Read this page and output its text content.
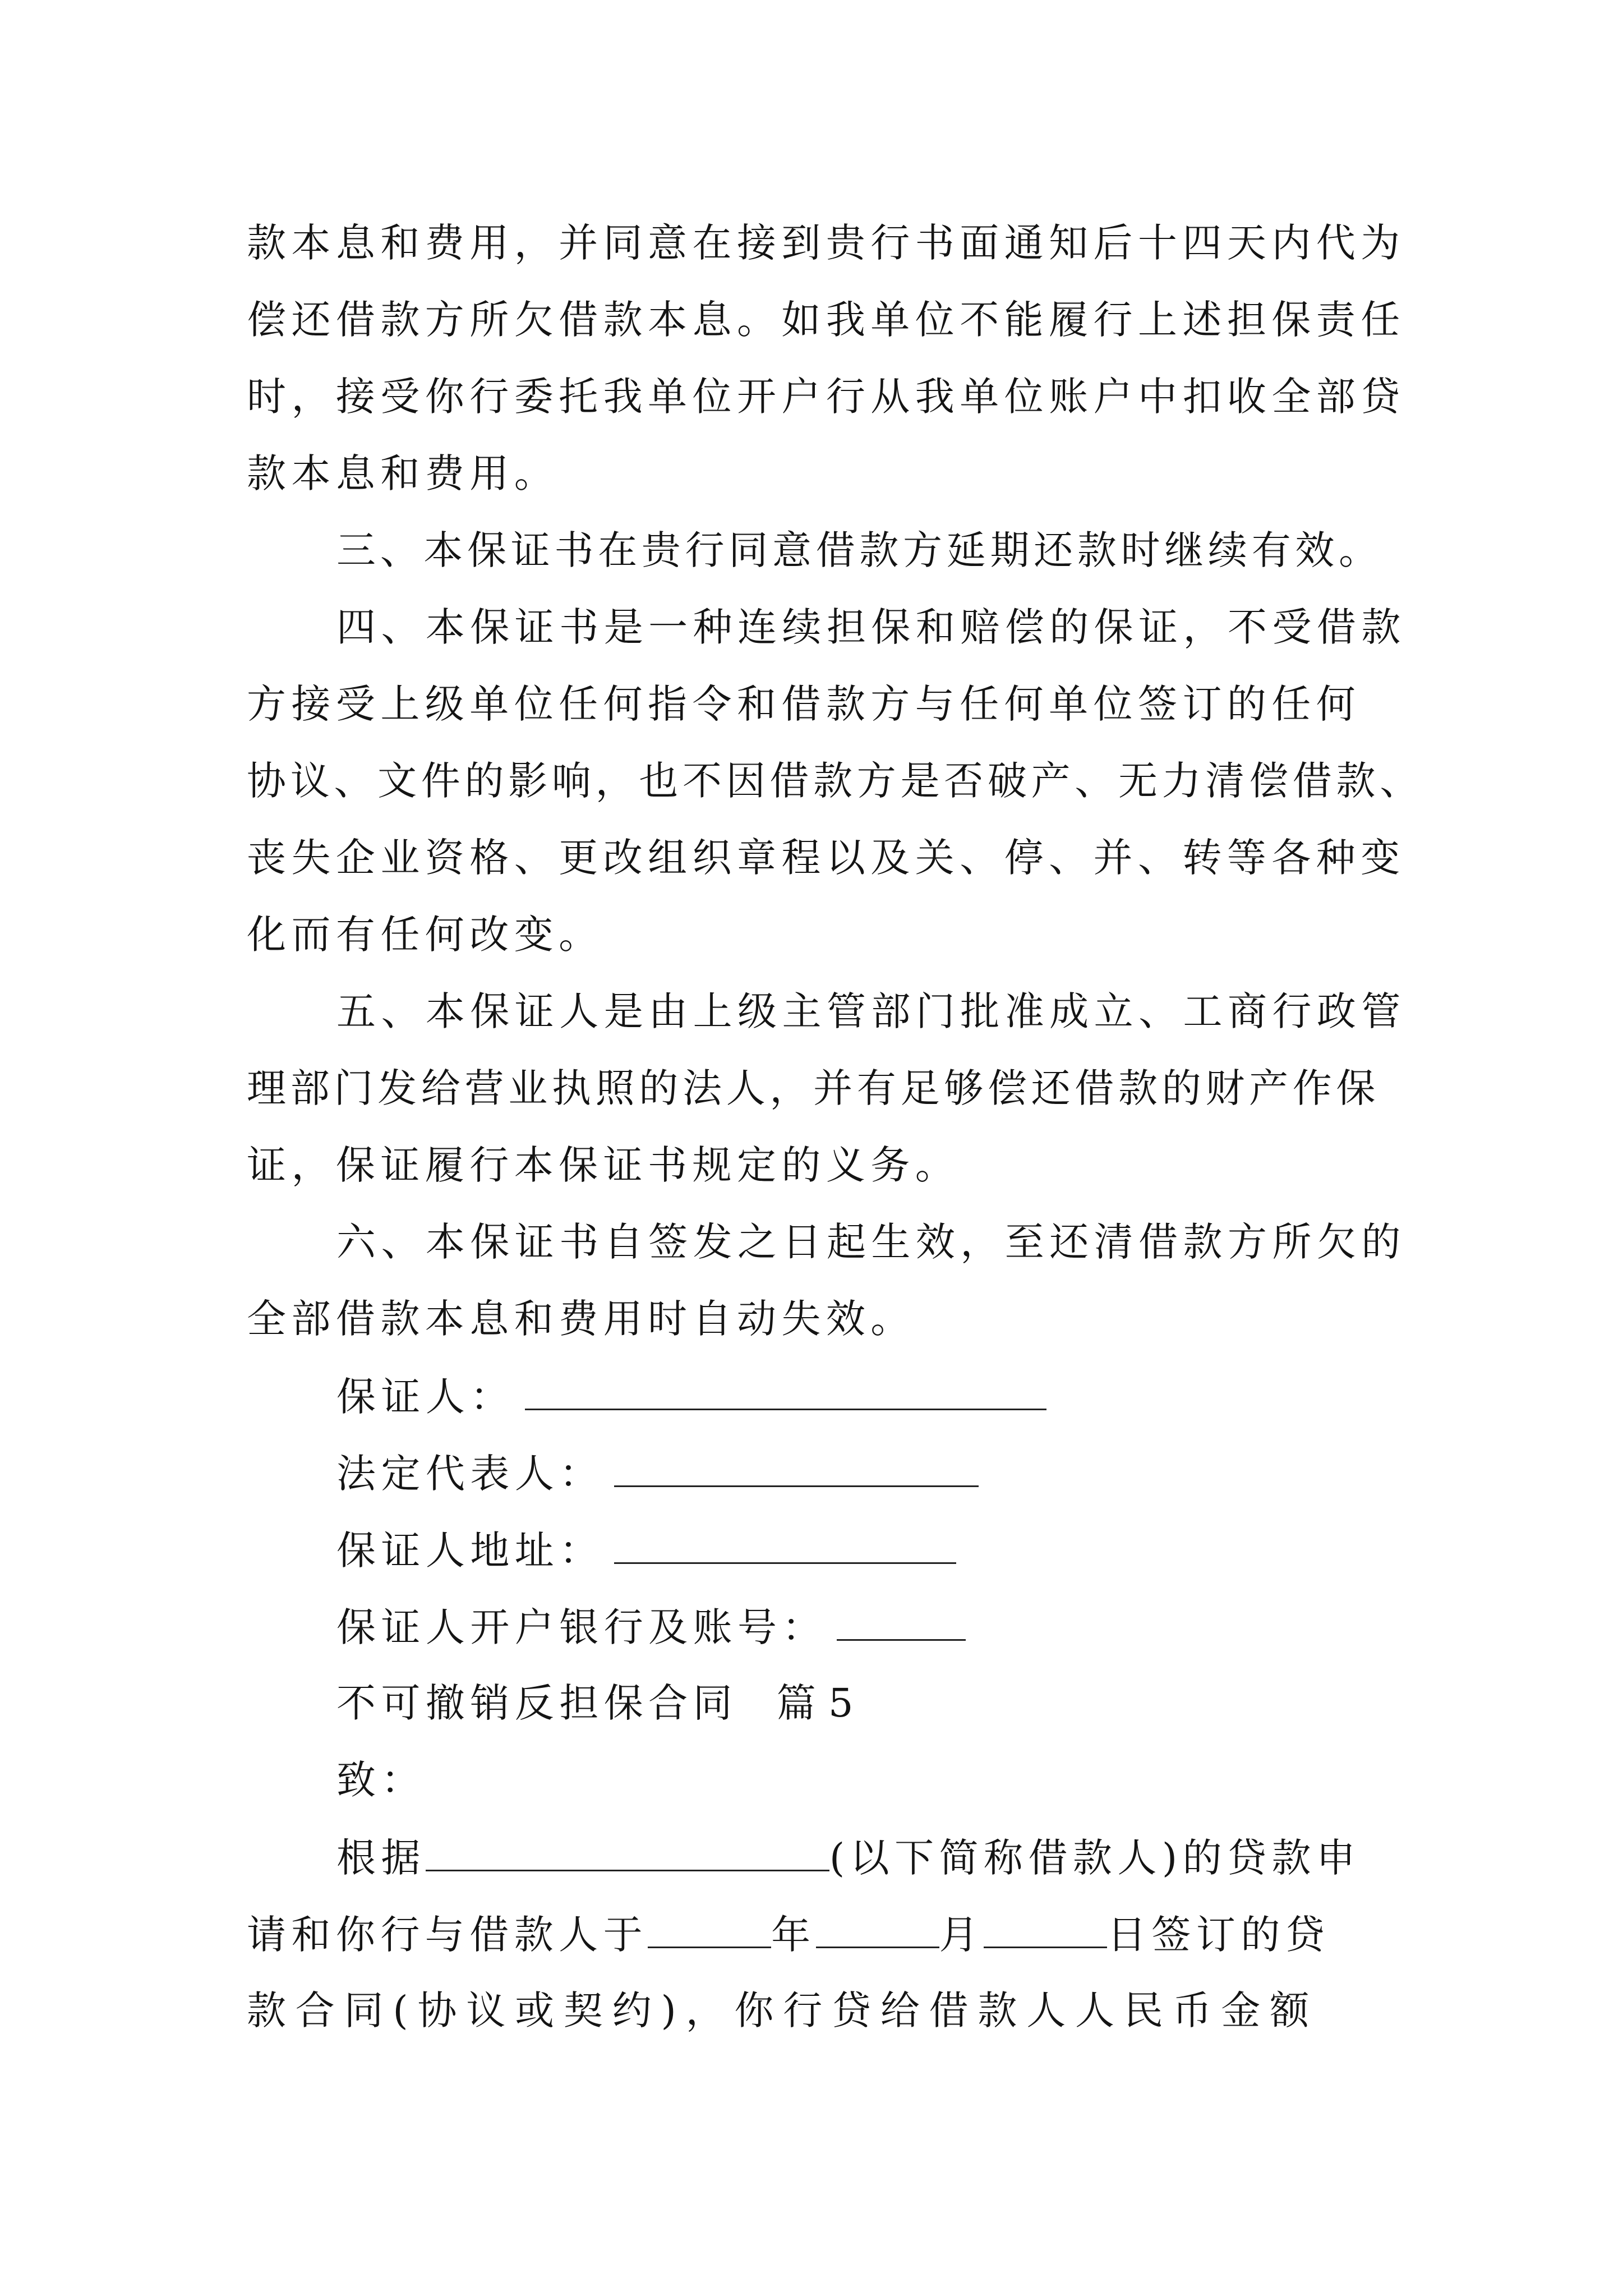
款本息和费用，并同意在接到贵行书面通知后十四天内代为
偿还借款方所欠借款本息。如我单位不能履行上述担保责任
时，接受你行委托我单位开户行从我单位账户中扣收全部贷
款本息和费用。
三、本保证书在贵行同意借款方延期还款时继续有效。
四、本保证书是一种连续担保和赔偿的保证，不受借款
方接受上级单位任何指令和借款方与任何单位签订的任何
协议、文件的影响，也不因借款方是否破产、无力清偿借款、
丧失企业资格、更改组织章程以及关、停、并、转等各种变
化而有任何改变。
五、本保证人是由上级主管部门批准成立、工商行政管
理部门发给营业执照的法人，并有足够偿还借款的财产作保
证，保证履行本保证书规定的义务。
六、本保证书自签发之日起生效，至还清借款方所欠的
全部借款本息和费用时自动失效。
保证人：
法定代表人：
保证人地址：
保证人开户银行及账号：
不可撤销反担保合同 篇 5
致：
根据	(以下简称借款人)的贷款申
请和你行与借款人于	年	月	日签订的贷
款合同(协议或契约)，你行贷给借款人人民币金额
